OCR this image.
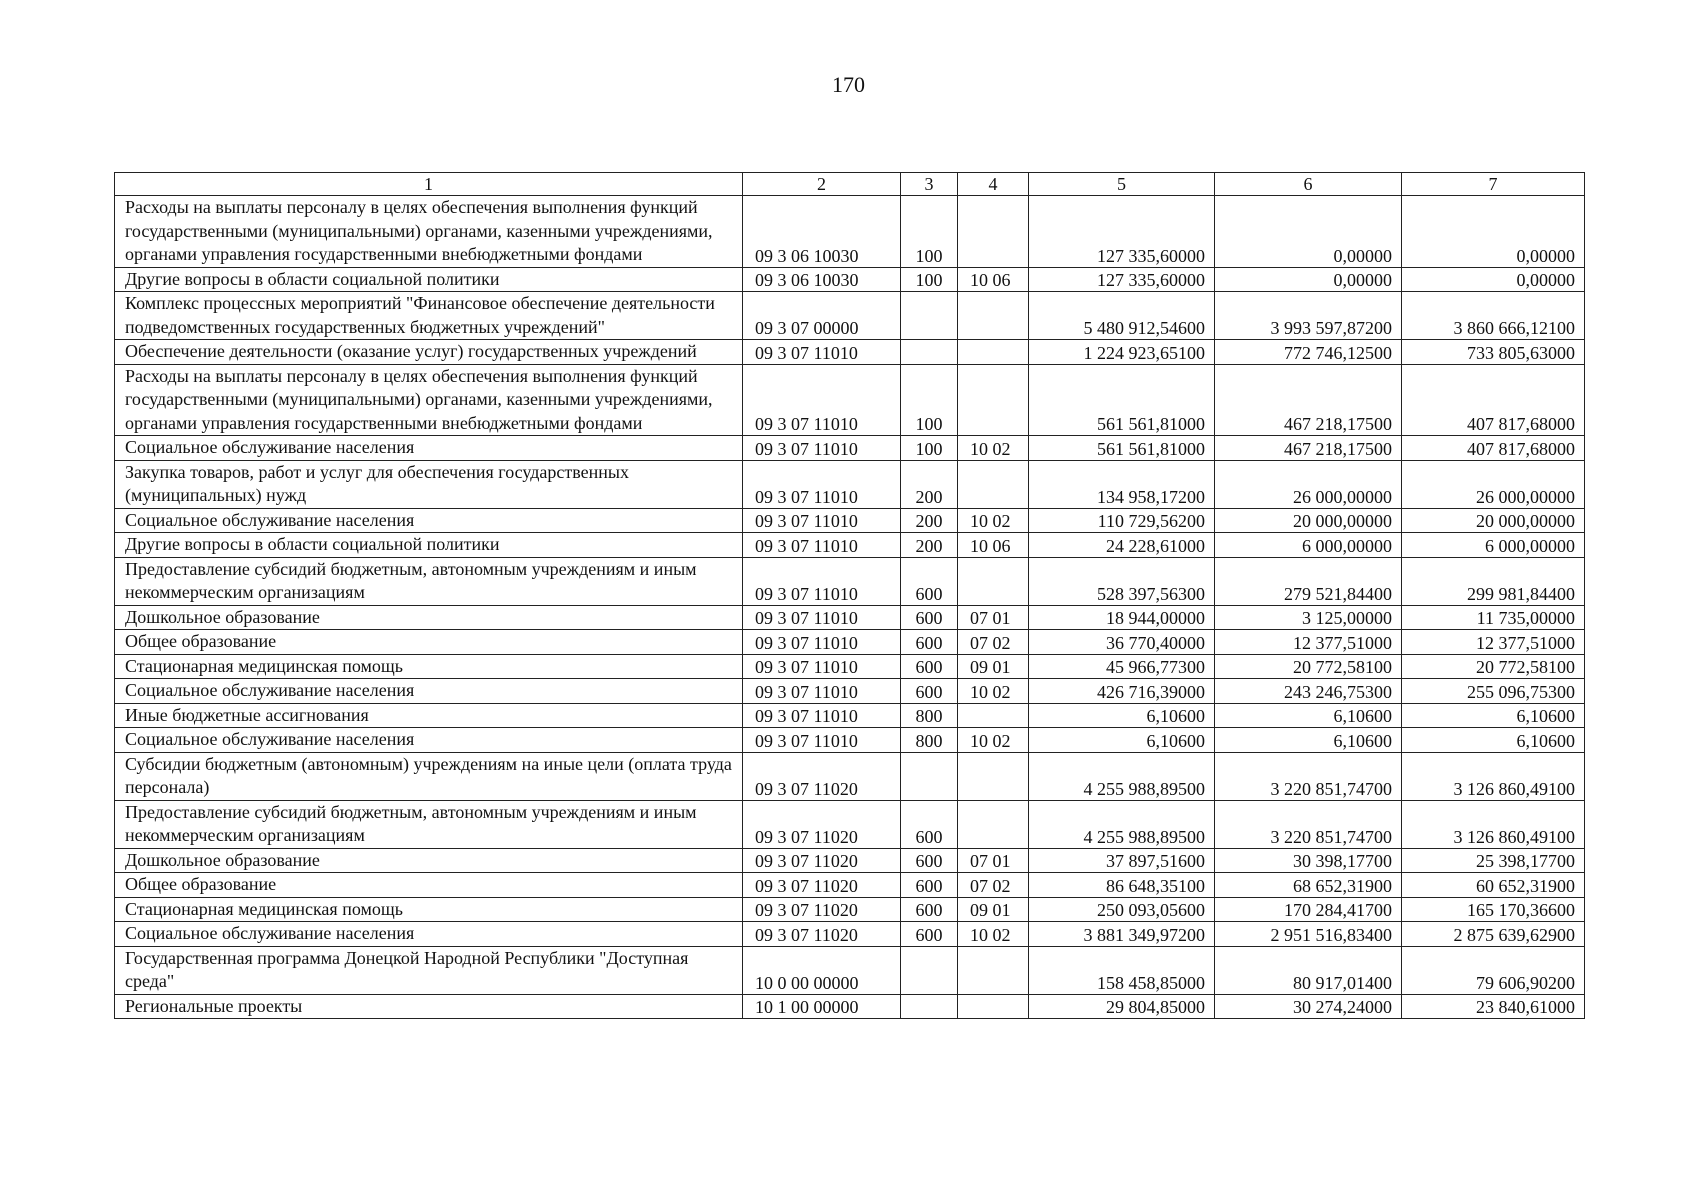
170
1	2	3	4	5	6	7
Расходы на выплаты персоналу в целях обеспечения выполнения функций государственными (муниципальными) органами, казенными учреждениями, органами управления государственными внебюджетными фондами	09 3 06 10030	100		127 335,60000	0,00000	0,00000
Другие вопросы в области социальной политики	09 3 06 10030	100	10 06	127 335,60000	0,00000	0,00000
Комплекс процессных мероприятий "Финансовое обеспечение деятельности подведомственных государственных бюджетных учреждений"	09 3 07 00000			5 480 912,54600	3 993 597,87200	3 860 666,12100
Обеспечение деятельности (оказание услуг) государственных учреждений	09 3 07 11010			1 224 923,65100	772 746,12500	733 805,63000
Расходы на выплаты персоналу в целях обеспечения выполнения функций государственными (муниципальными) органами, казенными учреждениями, органами управления государственными внебюджетными фондами	09 3 07 11010	100		561 561,81000	467 218,17500	407 817,68000
Социальное обслуживание населения	09 3 07 11010	100	10 02	561 561,81000	467 218,17500	407 817,68000
Закупка товаров, работ и услуг для обеспечения государственных (муниципальных) нужд	09 3 07 11010	200		134 958,17200	26 000,00000	26 000,00000
Социальное обслуживание населения	09 3 07 11010	200	10 02	110 729,56200	20 000,00000	20 000,00000
Другие вопросы в области социальной политики	09 3 07 11010	200	10 06	24 228,61000	6 000,00000	6 000,00000
Предоставление субсидий бюджетным, автономным учреждениям и иным некоммерческим организациям	09 3 07 11010	600		528 397,56300	279 521,84400	299 981,84400
Дошкольное образование	09 3 07 11010	600	07 01	18 944,00000	3 125,00000	11 735,00000
Общее образование	09 3 07 11010	600	07 02	36 770,40000	12 377,51000	12 377,51000
Стационарная медицинская помощь	09 3 07 11010	600	09 01	45 966,77300	20 772,58100	20 772,58100
Социальное обслуживание населения	09 3 07 11010	600	10 02	426 716,39000	243 246,75300	255 096,75300
Иные бюджетные ассигнования	09 3 07 11010	800		6,10600	6,10600	6,10600
Социальное обслуживание населения	09 3 07 11010	800	10 02	6,10600	6,10600	6,10600
Субсидии бюджетным (автономным) учреждениям на иные цели (оплата труда персонала)	09 3 07 11020			4 255 988,89500	3 220 851,74700	3 126 860,49100
Предоставление субсидий бюджетным, автономным учреждениям и иным некоммерческим организациям	09 3 07 11020	600		4 255 988,89500	3 220 851,74700	3 126 860,49100
Дошкольное образование	09 3 07 11020	600	07 01	37 897,51600	30 398,17700	25 398,17700
Общее образование	09 3 07 11020	600	07 02	86 648,35100	68 652,31900	60 652,31900
Стационарная медицинская помощь	09 3 07 11020	600	09 01	250 093,05600	170 284,41700	165 170,36600
Социальное обслуживание населения	09 3 07 11020	600	10 02	3 881 349,97200	2 951 516,83400	2 875 639,62900
Государственная программа Донецкой Народной Республики "Доступная среда"	10 0 00 00000			158 458,85000	80 917,01400	79 606,90200
Региональные проекты	10 1 00 00000			29 804,85000	30 274,24000	23 840,61000
